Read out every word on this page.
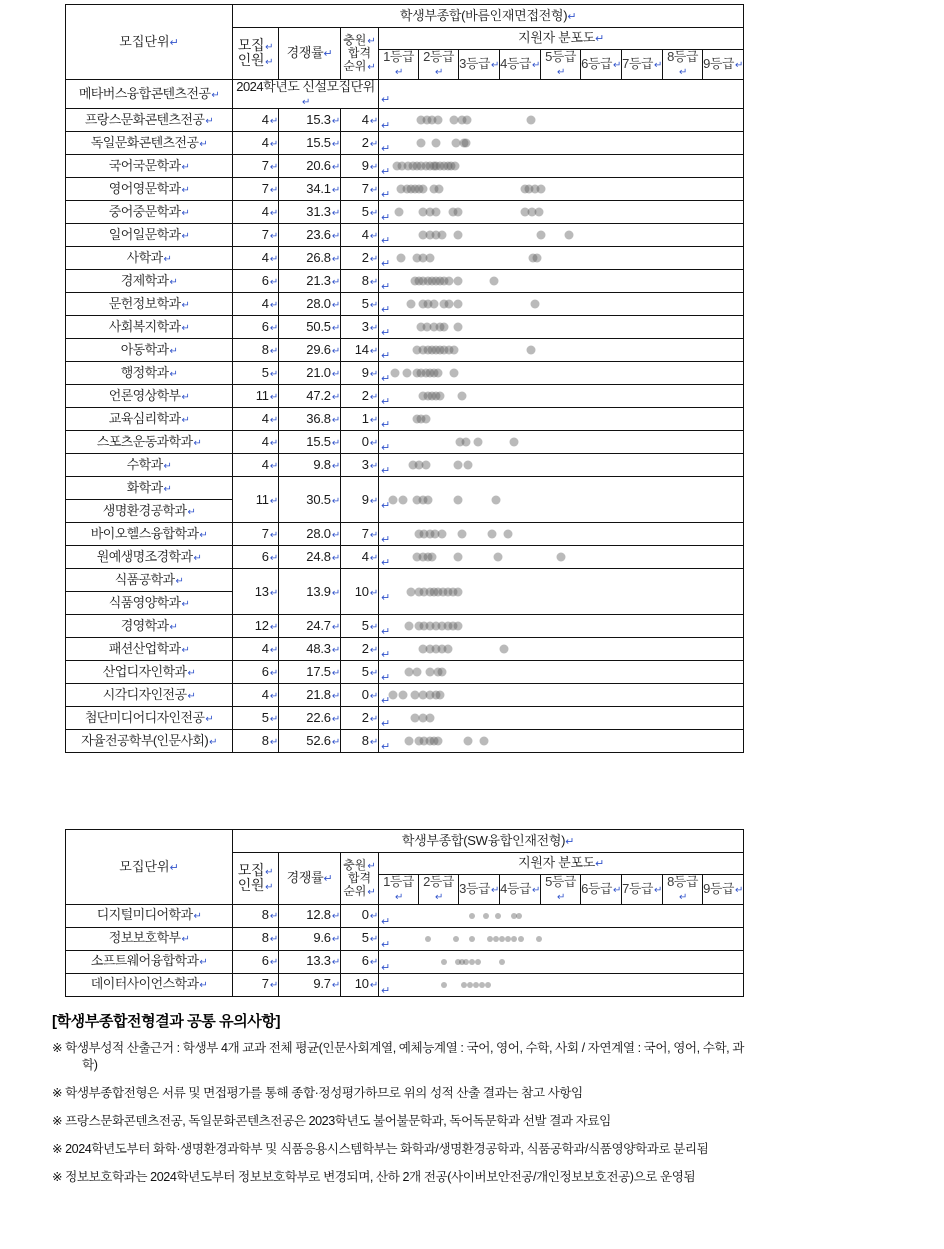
모집단위↵	학생부종합(바름인재면접전형)↵											

모집↵
인원↵
	경쟁률↵	
충원↵
합격
순위↵
	지원자 분포도↵
				1등급↵	2등급↵	3등급↵	4등급↵	5등급↵	6등급↵	7등급↵	8등급↵	9등급↵
메타버스융합콘텐츠전공↵	2024학년도 신설모집단위↵			↵								

프랑스문화콘텐츠전공↵	4↵	15.3↵	4↵	↵								

독일문화콘텐츠전공↵	4↵	15.5↵	2↵	↵								

국어국문학과↵	7↵	20.6↵	9↵	↵								

영어영문학과↵	7↵	34.1↵	7↵	↵								

중어중문학과↵	4↵	31.3↵	5↵	↵								

일어일문학과↵	7↵	23.6↵	4↵	↵								

사학과↵	4↵	26.8↵	2↵	↵								

경제학과↵	6↵	21.3↵	8↵	↵								

문헌정보학과↵	4↵	28.0↵	5↵	↵								

사회복지학과↵	6↵	50.5↵	3↵	↵								

아동학과↵	8↵	29.6↵	14↵	↵								

행정학과↵	5↵	21.0↵	9↵	↵								

언론영상학부↵	11↵	47.2↵	2↵	↵								

교육심리학과↵	4↵	36.8↵	1↵	↵								

스포츠운동과학과↵	4↵	15.5↵	0↵	↵								

수학과↵	4↵	9.8↵	3↵	↵								

화학과↵	11↵	30.5↵	9↵	↵								

생명환경공학과↵												
바이오헬스융합학과↵	7↵	28.0↵	7↵	↵								

원예생명조경학과↵	6↵	24.8↵	4↵	↵								

식품공학과↵	13↵	13.9↵	10↵	↵								

식품영양학과↵												
경영학과↵	12↵	24.7↵	5↵	↵								

패션산업학과↵	4↵	48.3↵	2↵	↵								

산업디자인학과↵	6↵	17.5↵	5↵	↵								

시각디자인전공↵	4↵	21.8↵	0↵	↵								

첨단미디어디자인전공↵	5↵	22.6↵	2↵	↵								

자율전공학부(인문사회)↵	8↵	52.6↵	8↵	↵								
모집단위↵	학생부종합(SW융합인재전형)↵											

모집↵
인원↵
	경쟁률↵	
충원↵
합격
순위↵
	지원자 분포도↵
				1등급↵	2등급↵	3등급↵	4등급↵	5등급↵	6등급↵	7등급↵	8등급↵	9등급↵
디지털미디어학과↵	8↵	12.8↵	0↵	↵								

정보보호학부↵	8↵	9.6↵	5↵	↵								

소프트웨어융합학과↵	6↵	13.3↵	6↵	↵								

데이터사이언스학과↵	7↵	9.7↵	10↵	↵								
[학생부종합전형결과 공통 유의사항]
※ 학생부성적 산출근거 : 학생부 4개 교과 전체 평균(인문사회계열, 예체능계열 : 국어, 영어, 수학, 사회 / 자연계열 : 국어, 영어, 수학, 과
학)
※ 학생부종합전형은 서류 및 면접평가를 통해 종합·정성평가하므로 위의 성적 산출 결과는 참고 사항임
※ 프랑스문화콘텐츠전공, 독일문화콘텐츠전공은 2023학년도 불어불문학과, 독어독문학과 선발 결과 자료임
※ 2024학년도부터 화학·생명환경과학부 및 식품응용시스템학부는 화학과/생명환경공학과, 식품공학과/식품영양학과로 분리됨
※ 정보보호학과는 2024학년도부터 정보보호학부로 변경되며, 산하 2개 전공(사이버보안전공/개인정보보호전공)으로 운영됨
